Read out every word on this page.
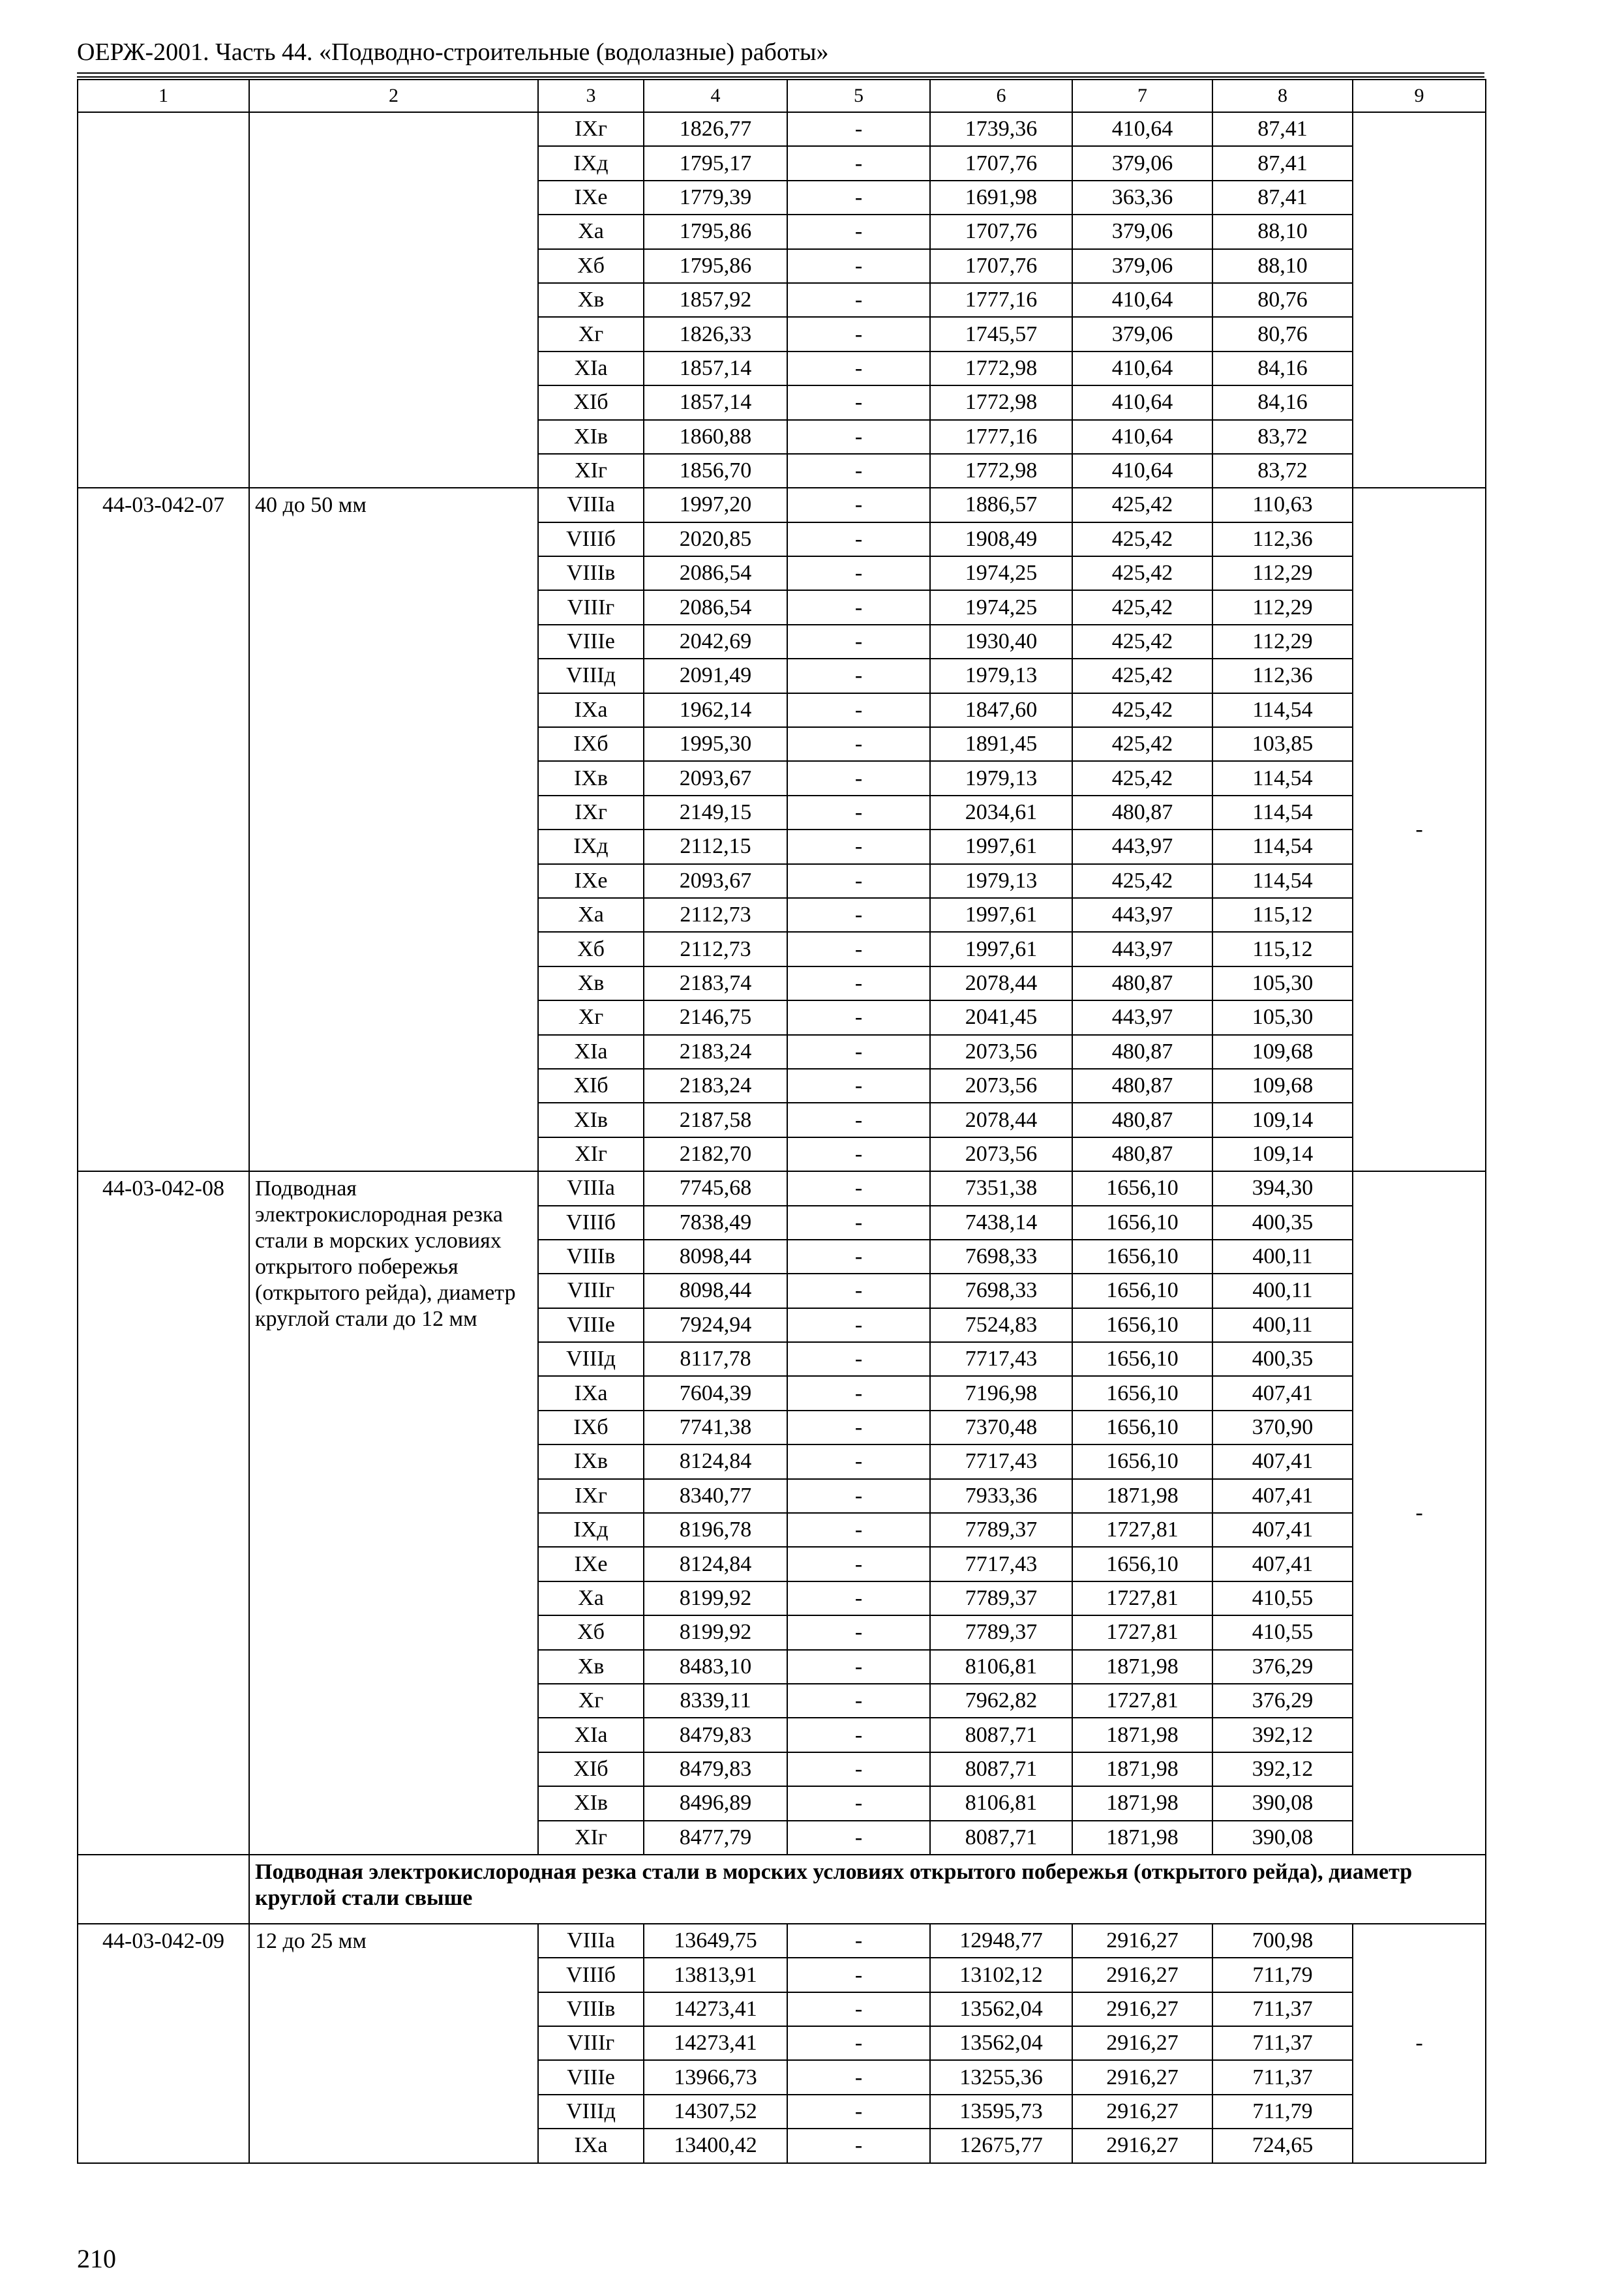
ОЕРЖ-2001. Часть 44. «Подводно-строительные (водолазные) работы»
1	2	3	4	5	6	7	8	9
		IXг	1826,77	-	1739,36	410,64	87,41	
		IXд	1795,17	-	1707,76	379,06	87,41	
		IXe	1779,39	-	1691,98	363,36	87,41	
		Xa	1795,86	-	1707,76	379,06	88,10	
		Xб	1795,86	-	1707,76	379,06	88,10	
		Xв	1857,92	-	1777,16	410,64	80,76	
		Xг	1826,33	-	1745,57	379,06	80,76	
		XIa	1857,14	-	1772,98	410,64	84,16	
		XIб	1857,14	-	1772,98	410,64	84,16	
		XIв	1860,88	-	1777,16	410,64	83,72	
		XIг	1856,70	-	1772,98	410,64	83,72	
44-03-042-07	40 до 50 мм	VIIIa	1997,20	-	1886,57	425,42	110,63	-
		VIIIб	2020,85	-	1908,49	425,42	112,36	
		VIIIв	2086,54	-	1974,25	425,42	112,29	
		VIIIг	2086,54	-	1974,25	425,42	112,29	
		VIIIe	2042,69	-	1930,40	425,42	112,29	
		VIIIд	2091,49	-	1979,13	425,42	112,36	
		IXa	1962,14	-	1847,60	425,42	114,54	
		IXб	1995,30	-	1891,45	425,42	103,85	
		IXв	2093,67	-	1979,13	425,42	114,54	
		IXг	2149,15	-	2034,61	480,87	114,54	
		IXд	2112,15	-	1997,61	443,97	114,54	
		IXe	2093,67	-	1979,13	425,42	114,54	
		Xa	2112,73	-	1997,61	443,97	115,12	
		Xб	2112,73	-	1997,61	443,97	115,12	
		Xв	2183,74	-	2078,44	480,87	105,30	
		Xг	2146,75	-	2041,45	443,97	105,30	
		XIa	2183,24	-	2073,56	480,87	109,68	
		XIб	2183,24	-	2073,56	480,87	109,68	
		XIв	2187,58	-	2078,44	480,87	109,14	
		XIг	2182,70	-	2073,56	480,87	109,14	
44-03-042-08	Подводная электрокислородная резка стали в морских условиях открытого побережья (открытого рейда), диаметр круглой стали до 12 мм	VIIIa	7745,68	-	7351,38	1656,10	394,30	-
		VIIIб	7838,49	-	7438,14	1656,10	400,35	
		VIIIв	8098,44	-	7698,33	1656,10	400,11	
		VIIIг	8098,44	-	7698,33	1656,10	400,11	
		VIIIe	7924,94	-	7524,83	1656,10	400,11	
		VIIIд	8117,78	-	7717,43	1656,10	400,35	
		IXa	7604,39	-	7196,98	1656,10	407,41	
		IXб	7741,38	-	7370,48	1656,10	370,90	
		IXв	8124,84	-	7717,43	1656,10	407,41	
		IXг	8340,77	-	7933,36	1871,98	407,41	
		IXд	8196,78	-	7789,37	1727,81	407,41	
		IXe	8124,84	-	7717,43	1656,10	407,41	
		Xa	8199,92	-	7789,37	1727,81	410,55	
		Xб	8199,92	-	7789,37	1727,81	410,55	
		Xв	8483,10	-	8106,81	1871,98	376,29	
		Xг	8339,11	-	7962,82	1727,81	376,29	
		XIa	8479,83	-	8087,71	1871,98	392,12	
		XIб	8479,83	-	8087,71	1871,98	392,12	
		XIв	8496,89	-	8106,81	1871,98	390,08	
		XIг	8477,79	-	8087,71	1871,98	390,08	
	Подводная электрокислородная резка стали в морских условиях открытого побережья (открытого рейда), диаметр круглой стали свыше							
44-03-042-09	12 до 25 мм	VIIIa	13649,75	-	12948,77	2916,27	700,98	-
		VIIIб	13813,91	-	13102,12	2916,27	711,79	
		VIIIв	14273,41	-	13562,04	2916,27	711,37	
		VIIIг	14273,41	-	13562,04	2916,27	711,37	
		VIIIe	13966,73	-	13255,36	2916,27	711,37	
		VIIIд	14307,52	-	13595,73	2916,27	711,79	
		IXa	13400,42	-	12675,77	2916,27	724,65	
210
